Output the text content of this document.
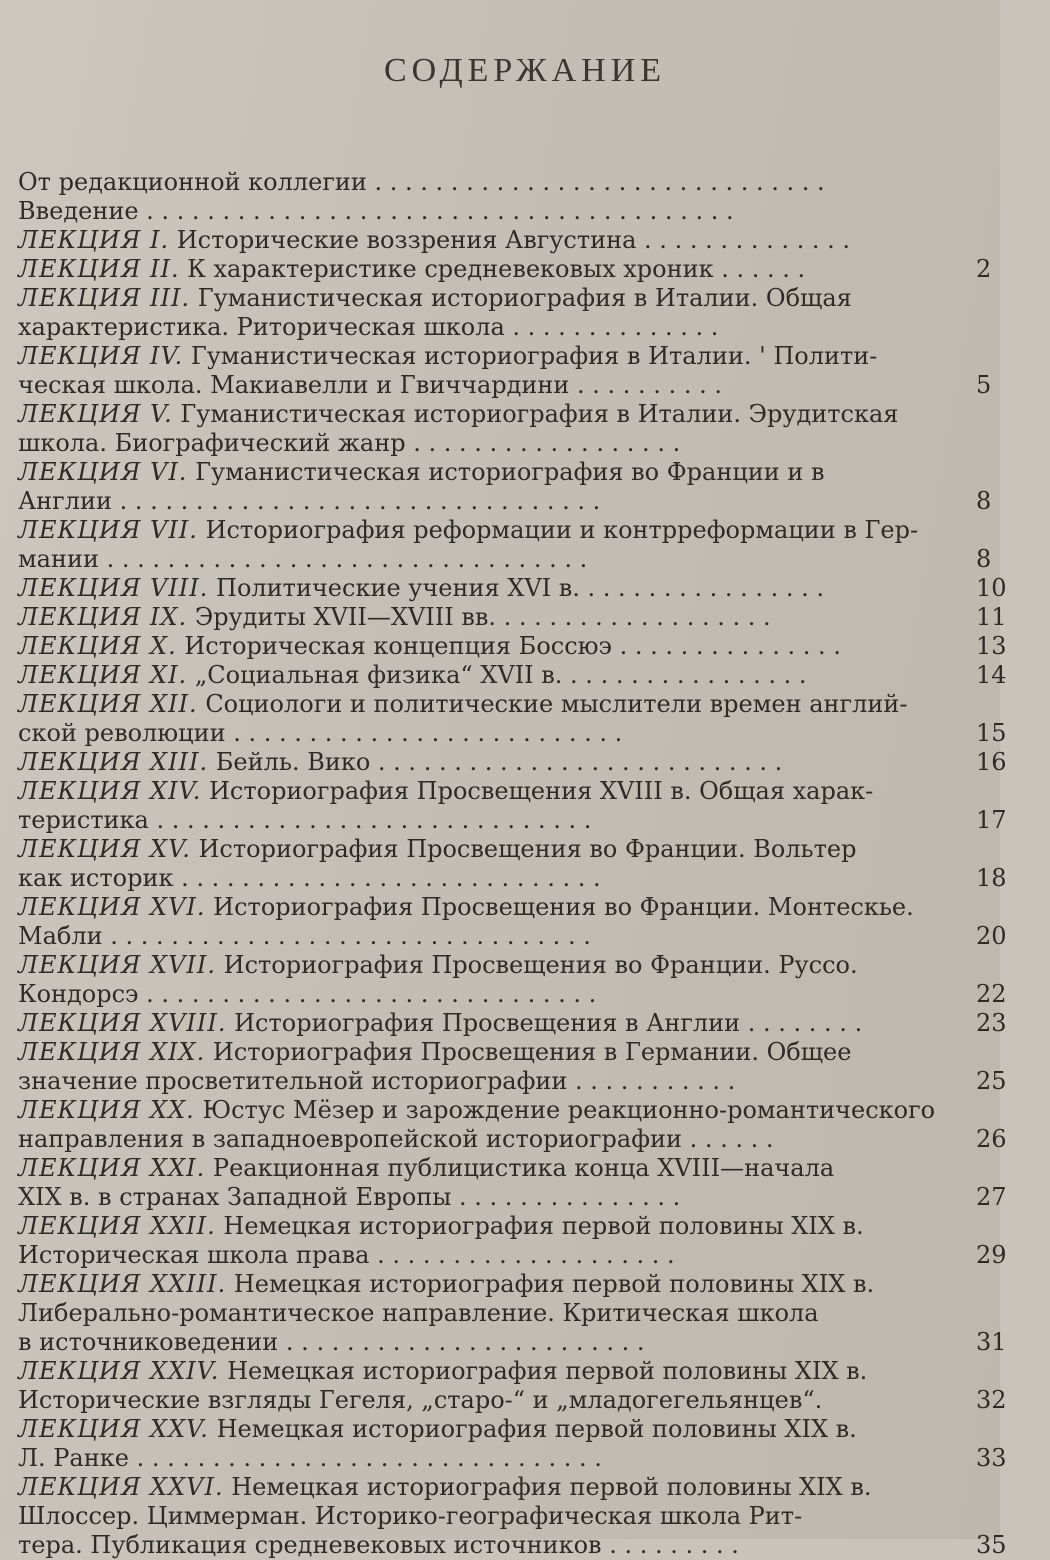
СОДЕРЖАНИЕ
От редакционной коллегии . . . . . . . . . . . . . . . . . . . . . . . . . . . . . .
Введение . . . . . . . . . . . . . . . . . . . . . . . . . . . . . . . . . . . . . . .
ЛЕКЦИЯ I. Исторические воззрения Августина . . . . . . . . . . . . . .
ЛЕКЦИЯ II. К характеристике средневековых хроник . . . . . .	2
ЛЕКЦИЯ III. Гуманистическая историография в Италии. Общая
характеристика. Риторическая школа . . . . . . . . . . . . . .
ЛЕКЦИЯ IV. Гуманистическая историография в Италии. ' Полити-
ческая школа. Макиавелли и Гвиччардини . . . . . . . . . .	5
ЛЕКЦИЯ V. Гуманистическая историография в Италии. Эрудитская
школа. Биографический жанр . . . . . . . . . . . . . . . . . .
ЛЕКЦИЯ VI. Гуманистическая историография во Франции и в
Англии . . . . . . . . . . . . . . . . . . . . . . . . . . . . . . . .	8
ЛЕКЦИЯ VII. Историография реформации и контрреформации в Гер-
мании . . . . . . . . . . . . . . . . . . . . . . . . . . . . . . . .	8
ЛЕКЦИЯ VIII. Политические учения XVI в. . . . . . . . . . . . . . . . .	10
ЛЕКЦИЯ IX. Эрудиты XVII—XVIII вв. . . . . . . . . . . . . . . . . . .	11
ЛЕКЦИЯ X. Историческая концепция Боссюэ . . . . . . . . . . . . . . .	13
ЛЕКЦИЯ XI. „Социальная физика“ XVII в. . . . . . . . . . . . . . . . .	14
ЛЕКЦИЯ XII. Социологи и политические мыслители времен англий-
ской революции . . . . . . . . . . . . . . . . . . . . . . . . . .	15
ЛЕКЦИЯ XIII. Бейль. Вико . . . . . . . . . . . . . . . . . . . . . . . . . . .	16
ЛЕКЦИЯ XIV. Историография Просвещения XVIII в. Общая харак-
теристика . . . . . . . . . . . . . . . . . . . . . . . . . . . . .	17
ЛЕКЦИЯ XV. Историография Просвещения во Франции. Вольтер
как историк . . . . . . . . . . . . . . . . . . . . . . . . . . . .	18
ЛЕКЦИЯ XVI. Историография Просвещения во Франции. Монтескье.
Мабли . . . . . . . . . . . . . . . . . . . . . . . . . . . . . . . .	20
ЛЕКЦИЯ XVII. Историография Просвещения во Франции. Руссо.
Кондорсэ . . . . . . . . . . . . . . . . . . . . . . . . . . . . . .	22
ЛЕКЦИЯ XVIII. Историография Просвещения в Англии . . . . . . . .	23
ЛЕКЦИЯ XIX. Историография Просвещения в Германии. Общее
значение просветительной историографии . . . . . . . . . . .	25
ЛЕКЦИЯ XX. Юстус Мёзер и зарождение реакционно-романтического
направления в западноевропейской историографии . . . . . .	26
ЛЕКЦИЯ XXI. Реакционная публицистика конца XVIII—начала
XIX в. в странах Западной Европы . . . . . . . . . . . . . . .	27
ЛЕКЦИЯ XXII. Немецкая историография первой половины XIX в.
Историческая школа права . . . . . . . . . . . . . . . . . . . .	29
ЛЕКЦИЯ XXIII. Немецкая историография первой половины XIX в.
Либерально-романтическое направление. Критическая школа
в источниковедении . . . . . . . . . . . . . . . . . . . . . . . .	31
ЛЕКЦИЯ XXIV. Немецкая историография первой половины XIX в.
Исторические взгляды Гегеля, „старо-“ и „младогегельянцев“.	32
ЛЕКЦИЯ XXV. Немецкая историография первой половины XIX в.
Л. Ранке . . . . . . . . . . . . . . . . . . . . . . . . . . . . . . .	33
ЛЕКЦИЯ XXVI. Немецкая историография первой половины XIX в.
Шлоссер. Циммерман. Историко-географическая школа Рит-
тера. Публикация средневековых источников . . . . . . . . .	35
